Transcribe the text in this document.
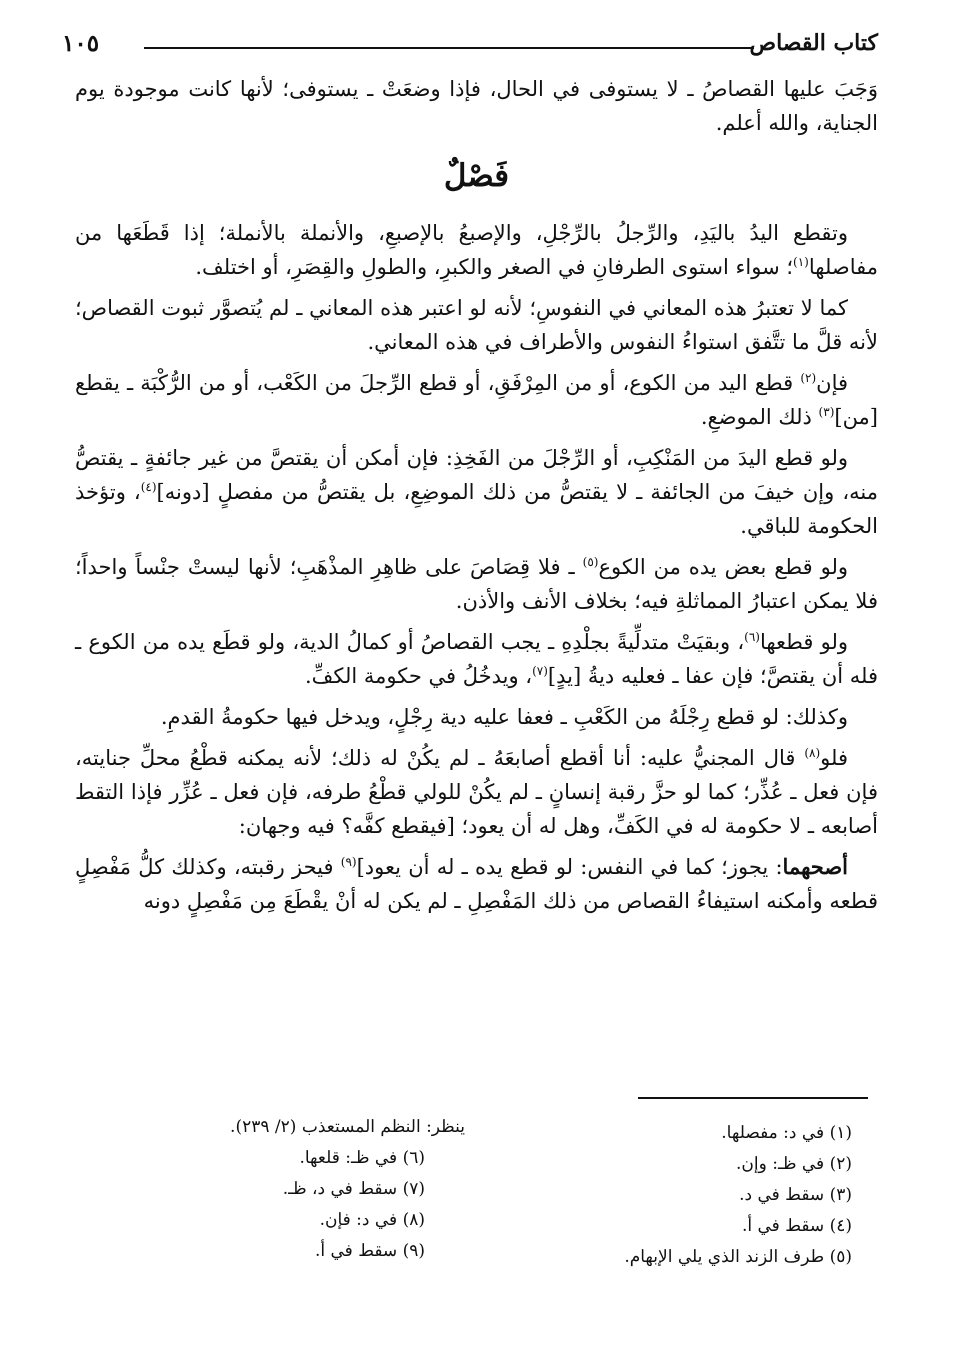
كتاب القصاص
١٠٥

وَجَبَ عليها القصاصُ ـ لا يستوفى في الحال، فإذا وضعَتْ ـ يستوفى؛ لأنها كانت موجودة يوم الجناية، والله أعلم.

فَصْلٌ

وتقطع اليدُ باليَدِ، والرِّجلُ بالرِّجْلِ، والإصبعُ بالإصبعِ، والأنملة بالأنملة؛ إذا قَطَعَها من مفاصلها$^{(١)}$؛ سواء استوى الطرفانِ في الصغر والكبرِ، والطولِ والقِصَرِ، أو اختلف.

كما لا تعتبرُ هذه المعاني في النفوسِ؛ لأنه لو اعتبر هذه المعاني ـ لم يُتصوَّر ثبوت القصاص؛ لأنه قلَّ ما تتَّفق استواءُ النفوس والأطراف في هذه المعاني.

فإن$^{(٢)}$ قطع اليد من الكوع، أو من المِرْفَقِ، أو قطع الرِّجلَ من الكَعْب، أو من الرُّكْبَة ـ يقطع [من]$^{(٣)}$ ذلك الموضعِ.

ولو قطع اليدَ من المَنْكِبِ، أو الرِّجْلَ من الفَخِذِ: فإن أمكن أن يقتصَّ من غير جائفةٍ ـ يقتصُّ منه، وإن خيفَ من الجائفة ـ لا يقتصُّ من ذلك الموضِعِ، بل يقتصُّ من مفصلٍ [دونه]$^{(٤)}$، وتؤخذ الحكومة للباقي.

ولو قطع بعض يده من الكوع$^{(٥)}$ ـ فلا قِصَاصَ على ظاهِرِ المذْهَبِ؛ لأنها ليستْ جنْساً واحداً؛ فلا يمكن اعتبارُ المماثلةِ فيه؛ بخلاف الأنف والأذن.

ولو قطعها$^{(٦)}$، وبقيَتْ متدلِّيةً بجلْدِهِ ـ يجب القصاصُ أو كمالُ الدية، ولو قطَع يده من الكوع ـ فله أن يقتصَّ؛ فإن عفا ـ فعليه ديةُ [يدٍ]$^{(٧)}$، ويدخُلُ في حكومة الكفِّ.

وكذلك: لو قطع رِجْلَهُ من الكَعْبِ ـ فعفا عليه دية رِجْلٍ، ويدخل فيها حكومةُ القدمِ.

فلو$^{(٨)}$ قال المجنيُّ عليه: أنا أقطع أصابعَهُ ـ لم يكُنْ له ذلك؛ لأنه يمكنه قطْعُ محلِّ جنايته، فإن فعل ـ عُذِّر؛ كما لو حزَّ رقبة إنسانٍ ـ لم يكُنْ للولي قطْعُ طرفه، فإن فعل ـ عُزِّر فإذا التقط أصابعه ـ لا حكومة له في الكَفِّ، وهل له أن يعود؛ [فيقطع كفَّه؟ فيه وجهان:

أصحهما: يجوز؛ كما في النفس: لو قطع يده ـ له أن يعود]$^{(٩)}$ فيحز رقبته، وكذلك كلُّ مَفْصِلٍ قطعه وأمكنه استيفاءُ القصاص من ذلك المَفْصِلِ ـ لم يكن له أنْ يقْطَعَ مِن مَفْصِلٍ دونه

(١) في د: مفصلها.
(٢) في ظـ: وإن.
(٣) سقط في د.
(٤) سقط في أ.
(٥) طرف الزند الذي يلي الإبهام.
ينظر: النظم المستعذب (٢/ ٢٣٩).
(٦) في ظـ: قلعها.
(٧) سقط في د، ظـ.
(٨) في د: فإن.
(٩) سقط في أ.
